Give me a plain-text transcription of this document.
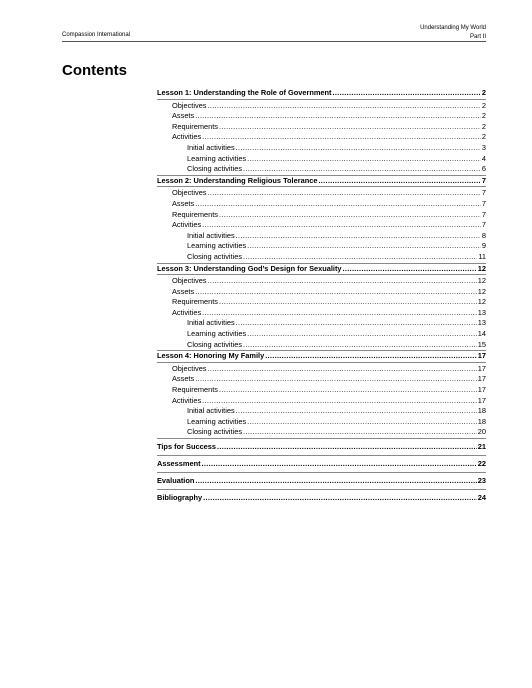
Compassion International
Understanding My World
Part II
Contents
Lesson 1: Understanding the Role of Government .....	2
Objectives .....	2
Assets .....	2
Requirements .....	2
Activities .....	2
Initial activities .....	3
Learning activities .....	4
Closing activities .....	6
Lesson 2: Understanding Religious Tolerance .....	7
Objectives .....	7
Assets .....	7
Requirements .....	7
Activities .....	7
Initial activities .....	8
Learning activities .....	9
Closing activities .....	11
Lesson 3: Understanding God’s Design for Sexuality .....	12
Objectives .....	12
Assets .....	12
Requirements .....	12
Activities .....	13
Initial activities .....	13
Learning activities .....	14
Closing activities .....	15
Lesson 4: Honoring My Family .....	17
Objectives .....	17
Assets .....	17
Requirements .....	17
Activities .....	17
Initial activities .....	18
Learning activities .....	18
Closing activities .....	20
Tips for Success .....	21
Assessment .....	22
Evaluation .....	23
Bibliography .....	24
